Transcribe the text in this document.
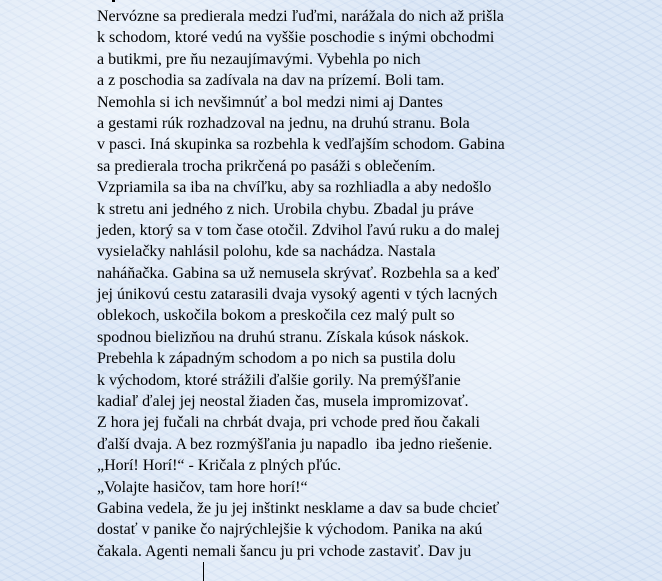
Nervózne sa predierala medzi ľuďmi, narážala do nich až prišla
k schodom, ktoré vedú na vyššie poschodie s inými obchodmi
a butikmi, pre ňu nezaujímavými. Vybehla po nich
a z poschodia sa zadívala na dav na prízemí. Boli tam.
Nemohla si ich nevšimnúť a bol medzi nimi aj Dantes
a gestami rúk rozhadzoval na jednu, na druhú stranu. Bola
v pasci. Iná skupinka sa rozbehla k vedľajším schodom. Gabina
sa predierala trocha prikrčená po pasáži s oblečením.
Vzpriamila sa iba na chvíľku, aby sa rozhliadla a aby nedošlo
k stretu ani jedného z nich. Urobila chybu. Zbadal ju práve
jeden, ktorý sa v tom čase otočil. Zdvihol ľavú ruku a do malej
vysielačky nahlásil polohu, kde sa nachádza. Nastala
naháňačka. Gabina sa už nemusela skrývať. Rozbehla sa a keď
jej únikovú cestu zatarasili dvaja vysoký agenti v tých lacných
oblekoch, uskočila bokom a preskočila cez malý pult so
spodnou bielizňou na druhú stranu. Získala kúsok náskok.
Prebehla k západným schodom a po nich sa pustila dolu
k východom, ktoré strážili ďalšie gorily. Na premýšľanie
kadiaľ ďalej jej neostal žiaden čas, musela impromizovať.
Z hora jej fučali na chrbát dvaja, pri vchode pred ňou čakali
ďalší dvaja. A bez rozmýšľania ju napadlo  iba jedno riešenie.
„Horí! Horí!“ - Kričala z plných pľúc.
„Volajte hasičov, tam hore horí!“
Gabina vedela, že ju jej inštinkt nesklame a dav sa bude chcieť
dostať v panike čo najrýchlejšie k východom. Panika na akú
čakala. Agenti nemali šancu ju pri vchode zastaviť. Dav ju
